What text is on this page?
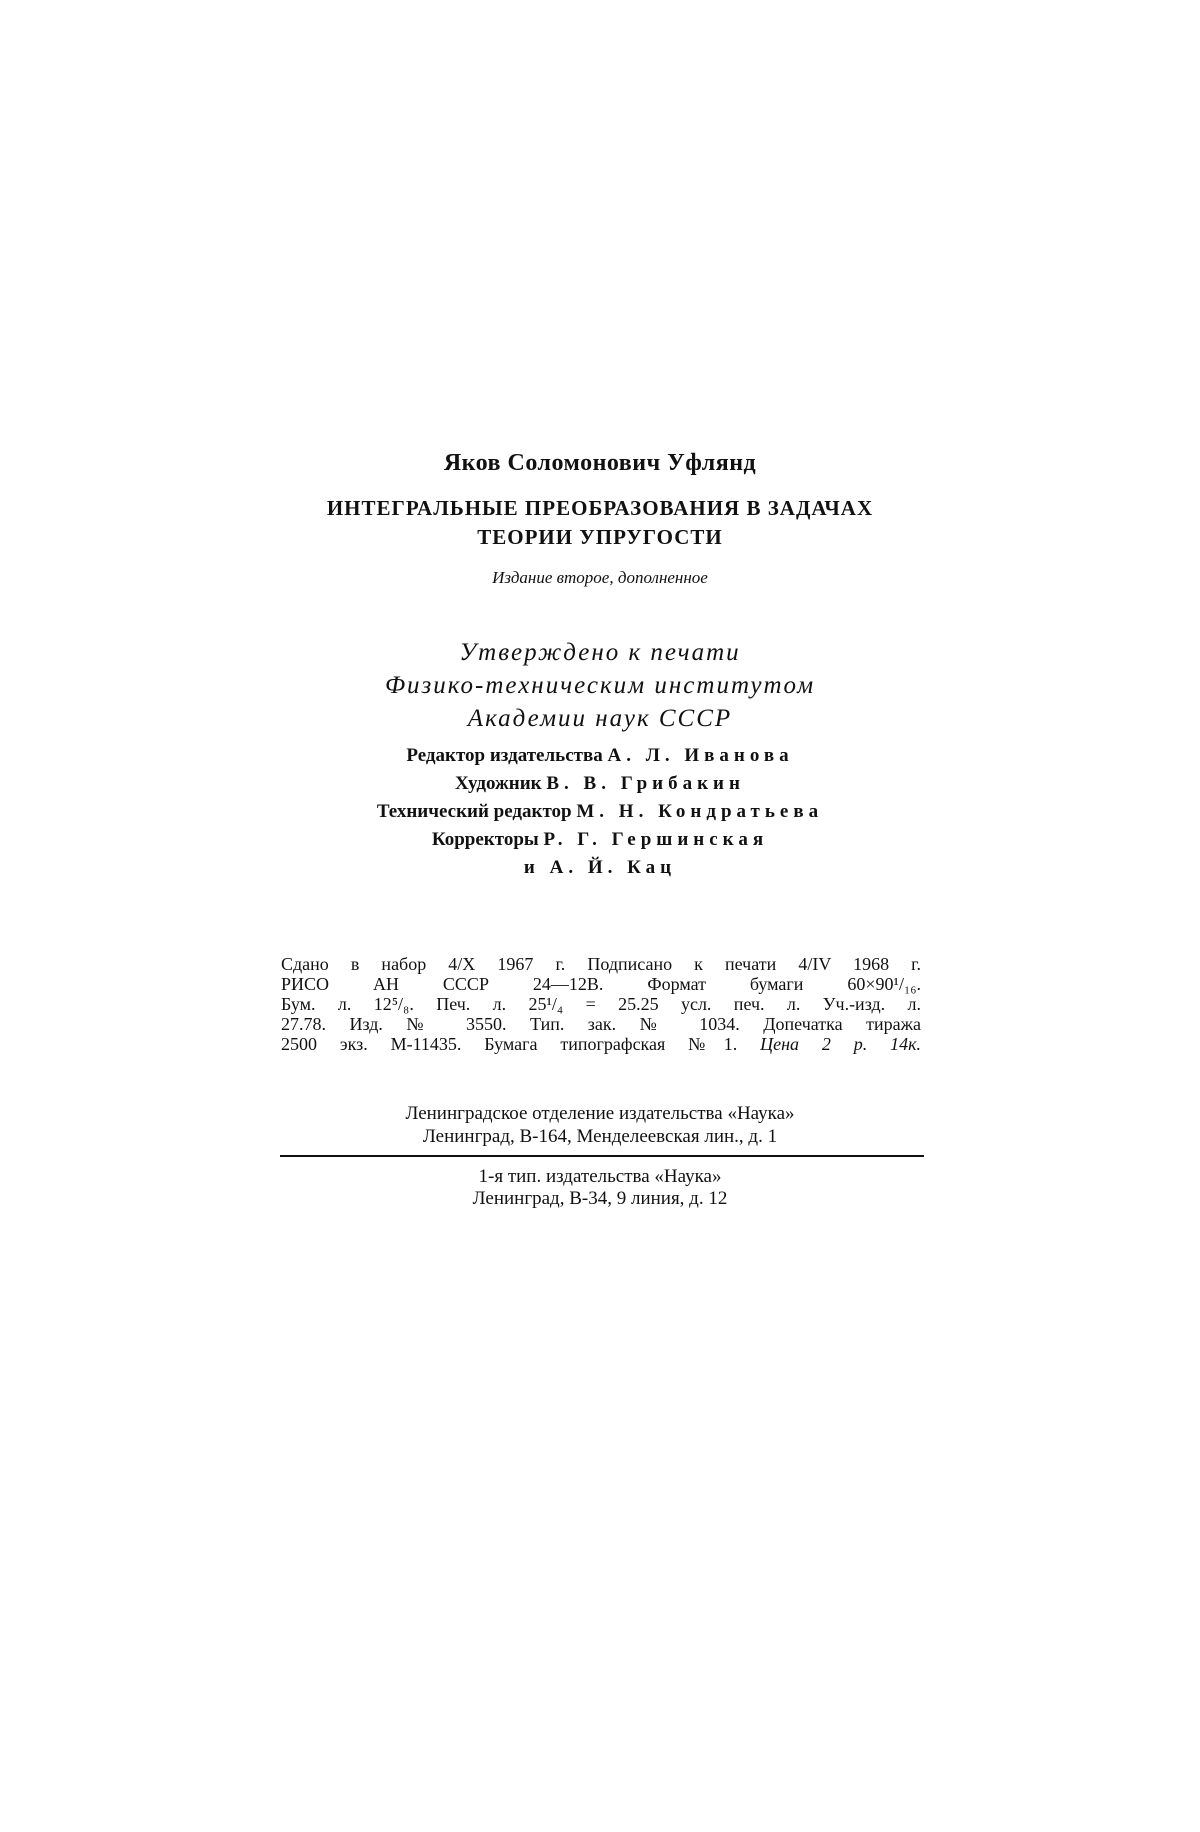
Яков Соломонович Уфлянд
ИНТЕГРАЛЬНЫЕ ПРЕОБРАЗОВАНИЯ В ЗАДАЧАХ
ТЕОРИИ УПРУГОСТИ
Издание второе, дополненное
Утверждено к печати
Физико-техническим институтом
Академии наук СССР
Редактор издательства А. Л. Иванова
Художник В. В. Грибакин
Технический редактор М. Н. Кондратьева
Корректоры Р. Г. Гершинская
и А. Й. Кац
Сдано в набор 4/X 1967 г. Подписано к печати 4/IV 1968 г.
РИСО АН СССР 24—12В. Формат бумаги 60×90¹/₁₆.
Бум. л. 12⁵/₈. Печ. л. 25¹/₄ = 25.25 усл. печ. л. Уч.-изд. л.
27.78. Изд. № 3550. Тип. зак. № 1034. Допечатка тиража
2500 экз. М-11435. Бумага типографская №1. Цена 2 р. 14к.
Ленинградское отделение издательства «Наука»
Ленинград, В-164, Менделеевская лин., д. 1
1-я тип. издательства «Наука»
Ленинград, В-34, 9 линия, д. 12
